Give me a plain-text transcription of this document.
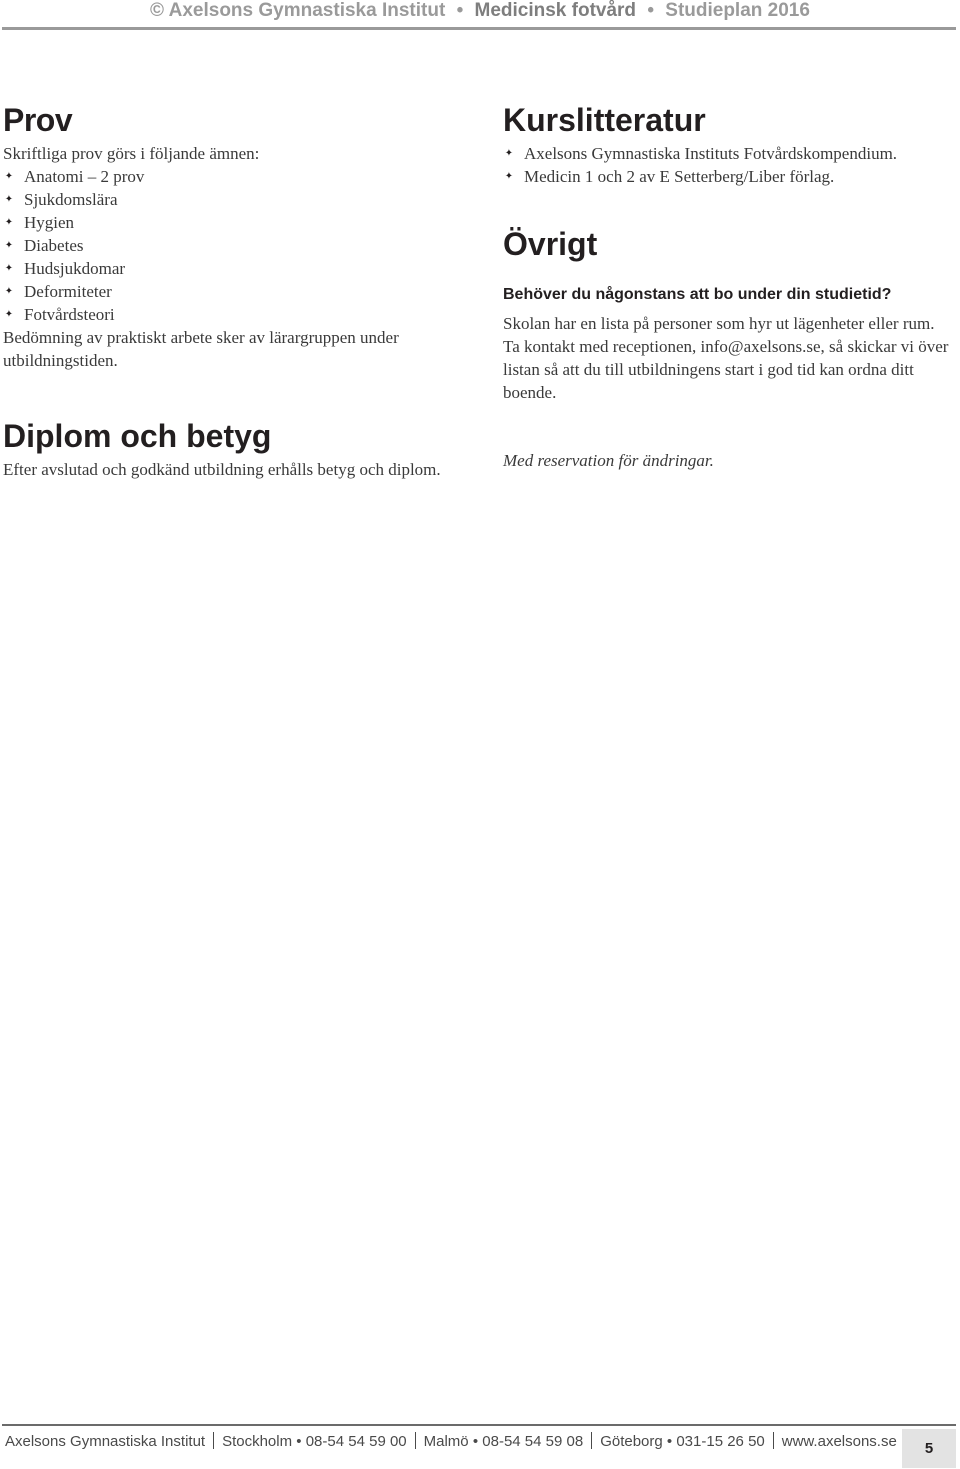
© Axelsons Gymnastiska Institut • Medicinsk fotvård • Studieplan 2016
Prov

Skriftliga prov görs i följande ämnen:

✦ Anatomi – 2 prov
✦ Sjukdomslära
✦ Hygien
✦ Diabetes
✦ Hudsjukdomar
✦ Deformiteter
✦ Fotvårdsteori

Bedömning av praktiskt arbete sker av lärargruppen under utbildningstiden.

Diplom och betyg

Efter avslutad och godkänd utbildning erhålls betyg och diplom.

Kurslitteratur
✦ Axelsons Gymnastiska Instituts Fotvårdskompendium.
✦ Medicin 1 och 2 av E Setterberg/Liber förlag.
Övrigt
Behöver du någonstans att bo under din studietid?

Skolan har en lista på personer som hyr ut lägenheter eller rum. Ta kontakt med receptionen, info@axelsons.se, så skickar vi över listan så att du till utbildningens start i god tid kan ordna ditt boende.

Med reservation för ändringar.

Axelsons Gymnastiska Institut Stockholm • 08-54 54 59 00 Malmö • 08-54 54 59 08 Göteborg • 031-15 26 50 www.axelsons.se	5
